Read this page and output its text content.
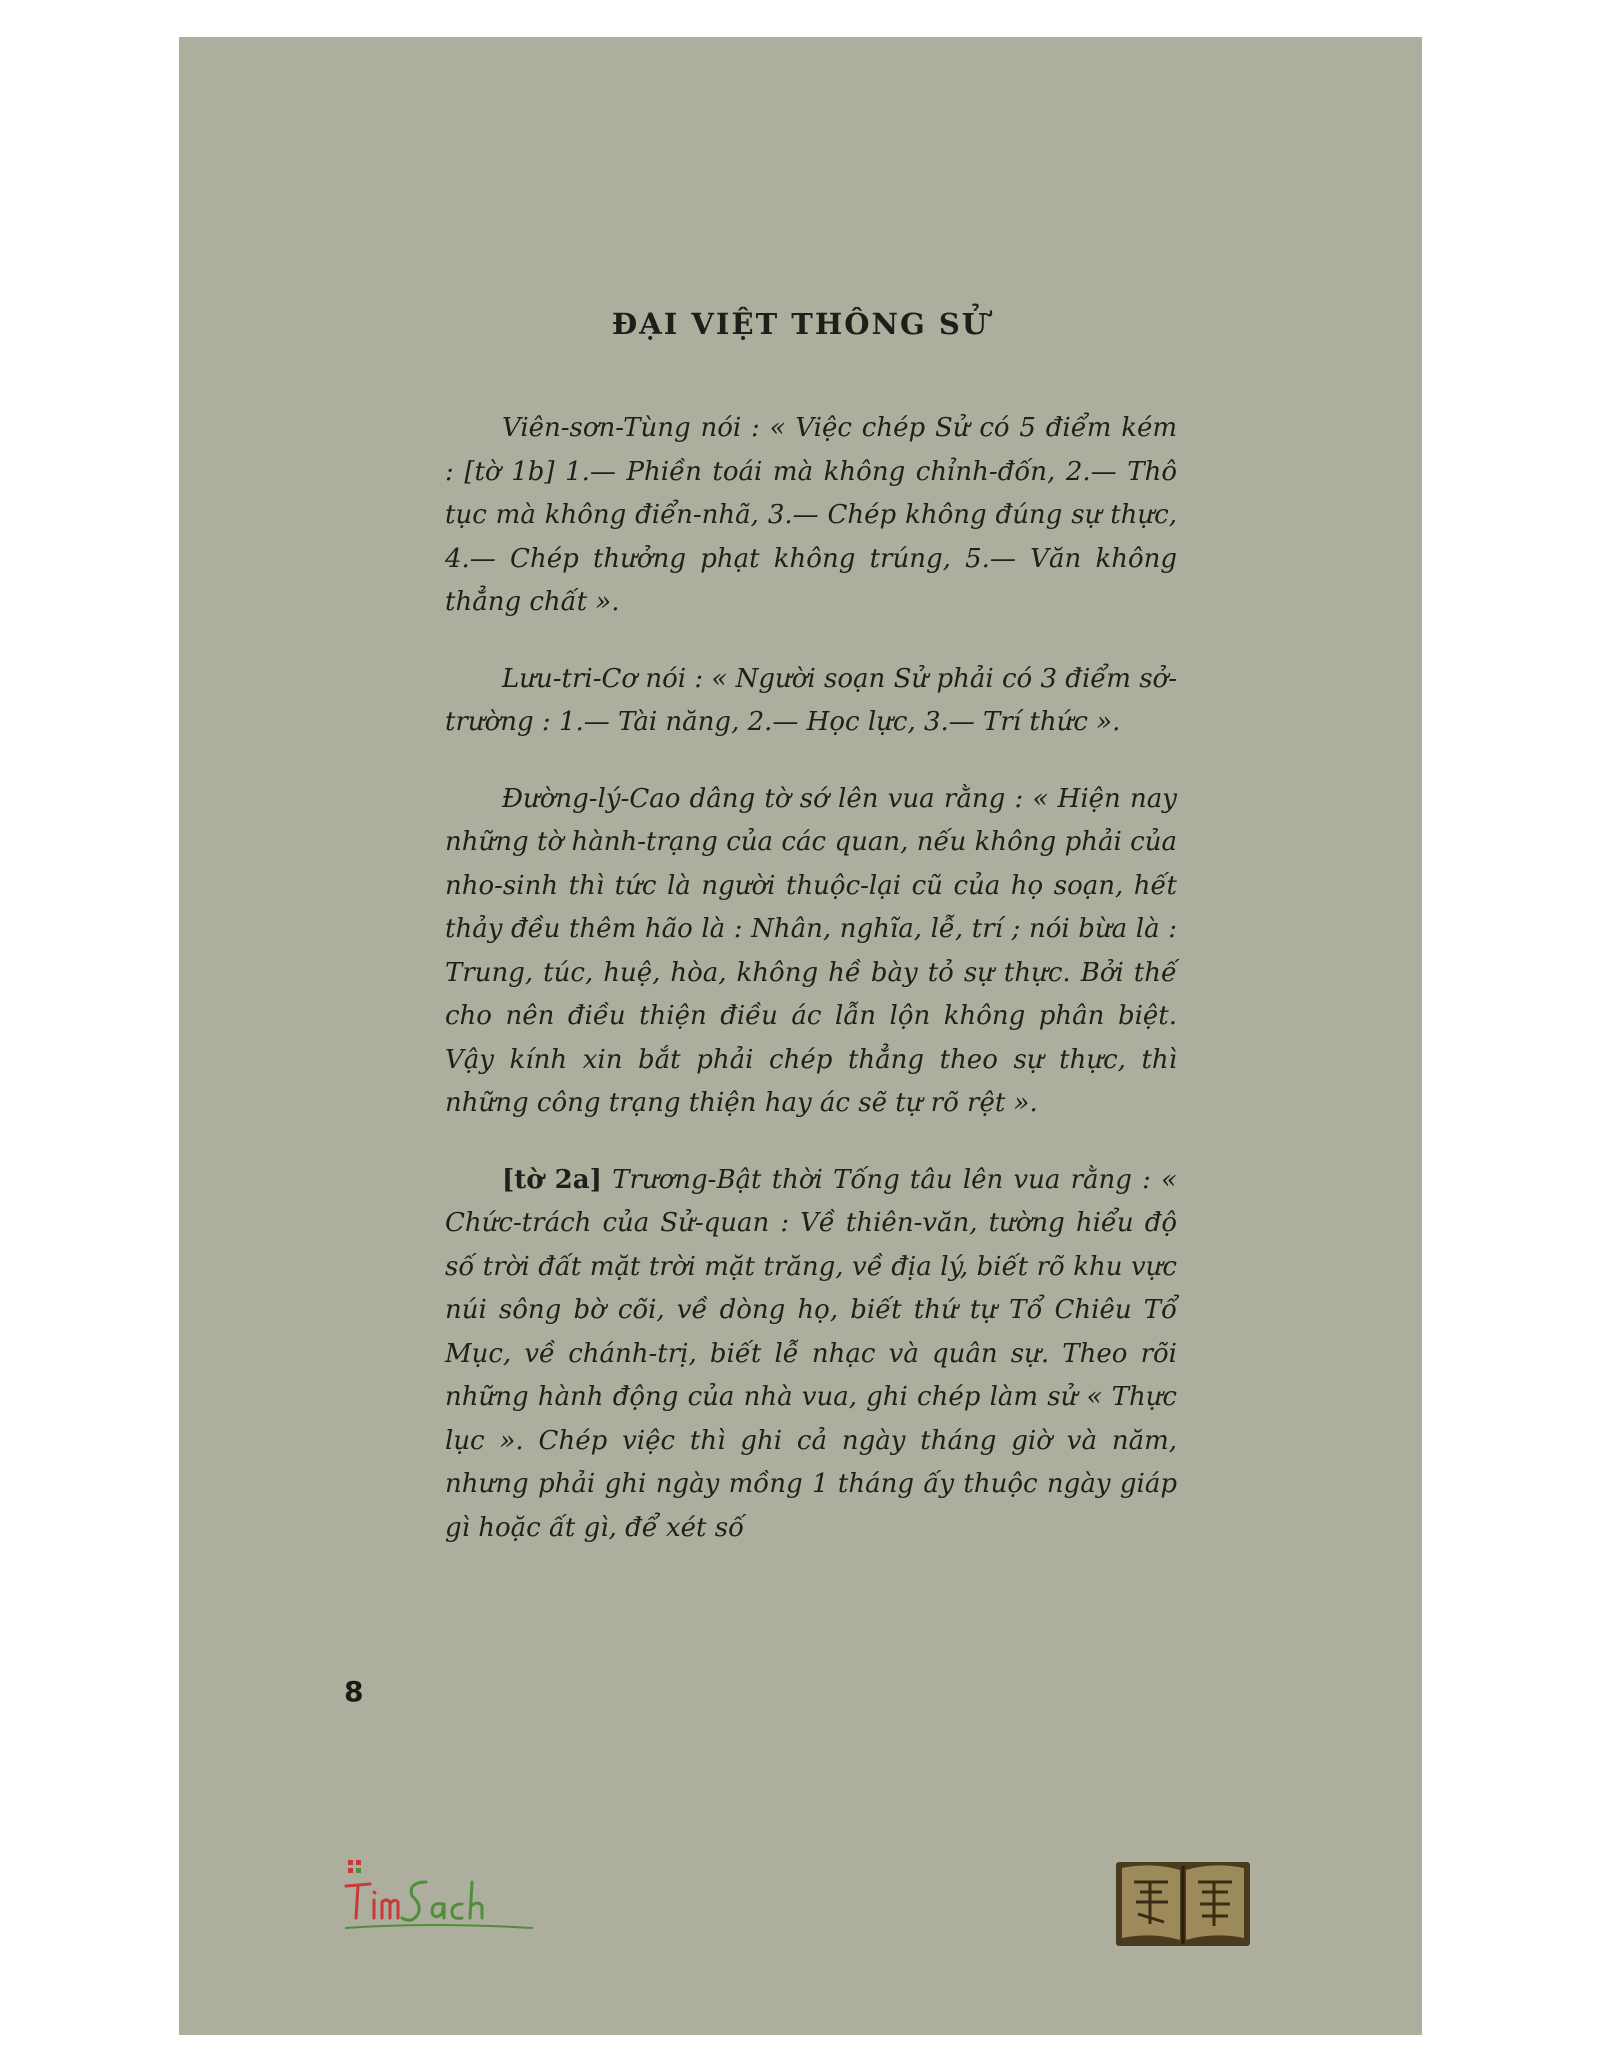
ĐẠI VIỆT THÔNG SỬ

Viên-sơn-Tùng nói : « Việc chép Sử có 5 điểm kém : [tờ 1b] 1.— Phiền toái mà không chỉnh-đốn, 2.— Thô tục mà không điển-nhã, 3.— Chép không đúng sự thực, 4.— Chép thưởng phạt không trúng, 5.— Văn không thẳng chất ».

Lưu-tri-Cơ nói : « Người soạn Sử phải có 3 điểm sở-trường : 1.— Tài năng, 2.— Học lực, 3.— Trí thức ».

Đường-lý-Cao dâng tờ sớ lên vua rằng : « Hiện nay những tờ hành-trạng của các quan, nếu không phải của nho-sinh thì tức là người thuộc-lại cũ của họ soạn, hết thảy đều thêm hão là : Nhân, nghĩa, lễ, trí ; nói bừa là : Trung, túc, huệ, hòa, không hề bày tỏ sự thực. Bởi thế cho nên điều thiện điều ác lẫn lộn không phân biệt. Vậy kính xin bắt phải chép thẳng theo sự thực, thì những công trạng thiện hay ác sẽ tự rõ rệt ».

[tờ 2a] Trương-Bật thời Tống tâu lên vua rằng : « Chức-trách của Sử-quan : Về thiên-văn, tường hiểu độ số trời đất mặt trời mặt trăng, về địa lý, biết rõ khu vực núi sông bờ cõi, về dòng họ, biết thứ tự Tổ Chiêu Tổ Mục, về chánh-trị, biết lễ nhạc và quân sự. Theo rõi những hành động của nhà vua, ghi chép làm sử « Thực lục ». Chép việc thì ghi cả ngày tháng giờ và năm, nhưng phải ghi ngày mồng 1 tháng ấy thuộc ngày giáp gì hoặc ất gì, để xét số

8
